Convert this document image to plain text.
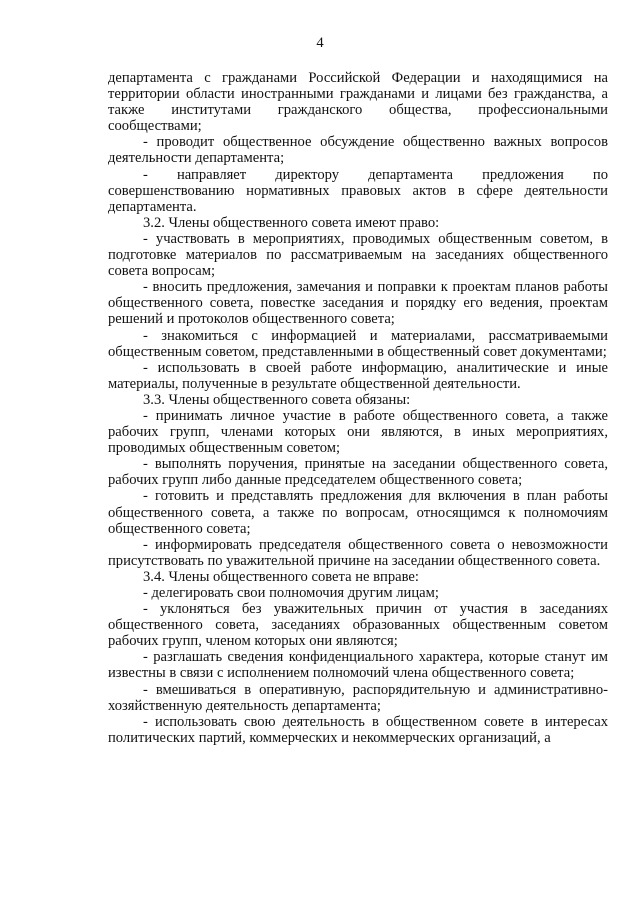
4

департамента с гражданами Российской Федерации и находящимися на территории области иностранными гражданами и лицами без гражданства, а также институтами гражданского общества, профессиональными сообществами;

- проводит общественное обсуждение общественно важных вопросов деятельности департамента;

- направляет директору департамента предложения по совершенствованию нормативных правовых актов в сфере деятельности департамента.

3.2. Члены общественного совета имеют право:

- участвовать в мероприятиях, проводимых общественным советом, в подготовке материалов по рассматриваемым на заседаниях общественного совета вопросам;

- вносить предложения, замечания и поправки к проектам планов работы общественного совета, повестке заседания и порядку его ведения, проектам решений и протоколов общественного совета;

- знакомиться с информацией и материалами, рассматриваемыми общественным советом, представленными в общественный совет документами;

- использовать в своей работе информацию, аналитические и иные материалы, полученные в результате общественной деятельности.

3.3. Члены общественного совета обязаны:

- принимать личное участие в работе общественного совета, а также рабочих групп, членами которых они являются, в иных мероприятиях, проводимых общественным советом;

- выполнять поручения, принятые на заседании общественного совета, рабочих групп либо данные председателем общественного совета;

- готовить и представлять предложения для включения в план работы общественного совета, а также по вопросам, относящимся к полномочиям общественного совета;

- информировать председателя общественного совета о невозможности присутствовать по уважительной причине на заседании общественного совета.

3.4. Члены общественного совета не вправе:

- делегировать свои полномочия другим лицам;

- уклоняться без уважительных причин от участия в заседаниях общественного совета, заседаниях образованных общественным советом рабочих групп, членом которых они являются;

- разглашать сведения конфиденциального характера, которые станут им известны в связи с исполнением полномочий члена общественного совета;

- вмешиваться в оперативную, распорядительную и административно-хозяйственную деятельность департамента;

- использовать свою деятельность в общественном совете в интересах политических партий, коммерческих и некоммерческих организаций, а
